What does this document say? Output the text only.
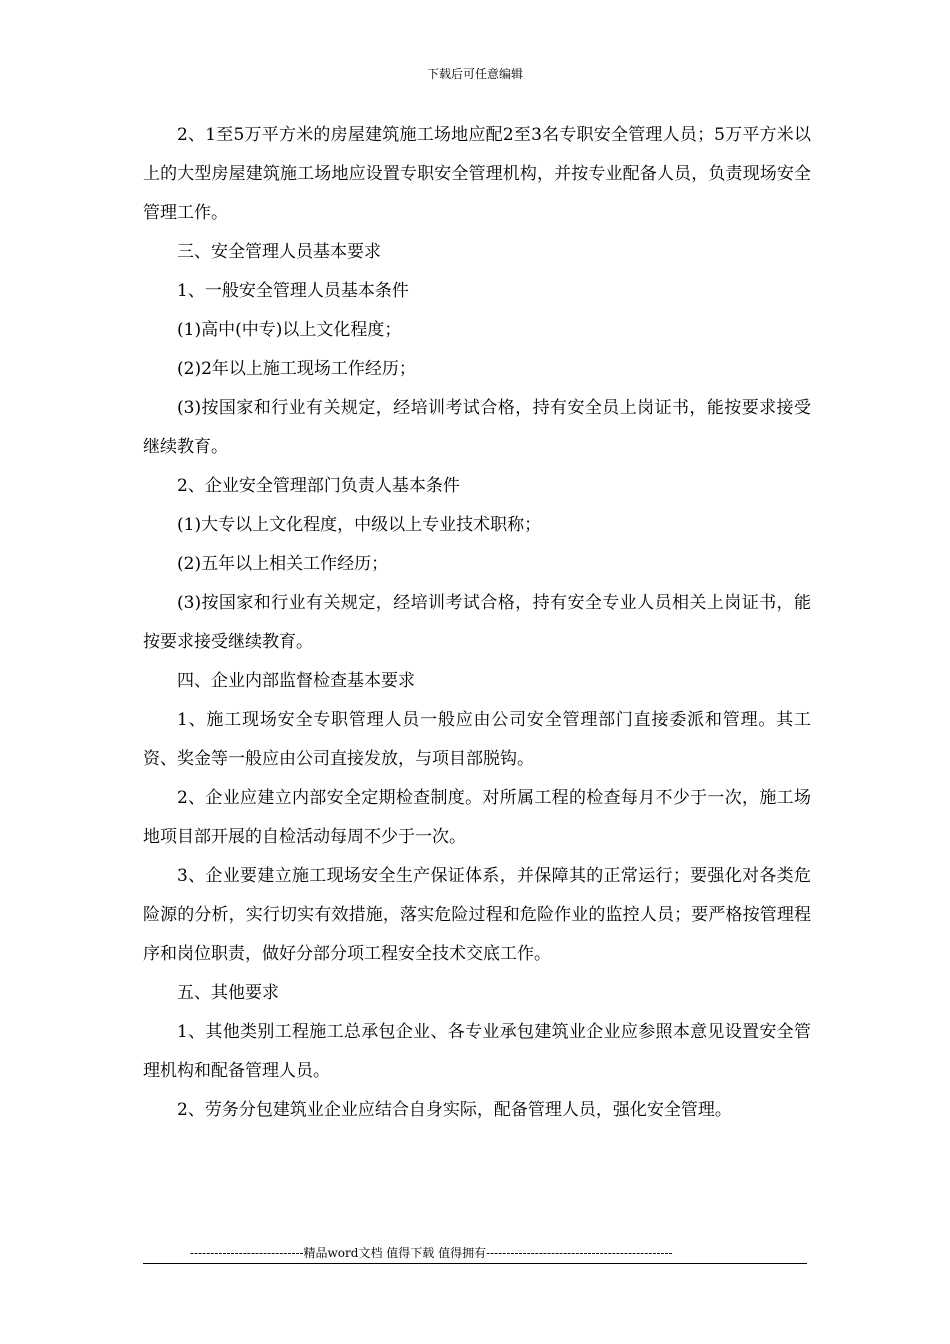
下载后可任意编辑

2、1至5万平方米的房屋建筑施工场地应配2至3名专职安全管理人员；5万平方米以上的大型房屋建筑施工场地应设置专职安全管理机构，并按专业配备人员，负责现场安全管理工作。

三、安全管理人员基本要求

1、一般安全管理人员基本条件

(1)高中(中专)以上文化程度；

(2)2年以上施工现场工作经历；

(3)按国家和行业有关规定，经培训考试合格，持有安全员上岗证书，能按要求接受继续教育。

2、企业安全管理部门负责人基本条件

(1)大专以上文化程度，中级以上专业技术职称；

(2)五年以上相关工作经历；

(3)按国家和行业有关规定，经培训考试合格，持有安全专业人员相关上岗证书，能按要求接受继续教育。

四、企业内部监督检查基本要求

1、施工现场安全专职管理人员一般应由公司安全管理部门直接委派和管理。其工资、奖金等一般应由公司直接发放，与项目部脱钩。

2、企业应建立内部安全定期检查制度。对所属工程的检查每月不少于一次，施工场地项目部开展的自检活动每周不少于一次。

3、企业要建立施工现场安全生产保证体系，并保障其的正常运行；要强化对各类危险源的分析，实行切实有效措施，落实危险过程和危险作业的监控人员；要严格按管理程序和岗位职责，做好分部分项工程安全技术交底工作。

五、其他要求

1、其他类别工程施工总承包企业、各专业承包建筑业企业应参照本意见设置安全管理机构和配备管理人员。

2、劳务分包建筑业企业应结合自身实际，配备管理人员，强化安全管理。

----------------------------精品word文档 值得下载 值得拥有----------------------------------------------
